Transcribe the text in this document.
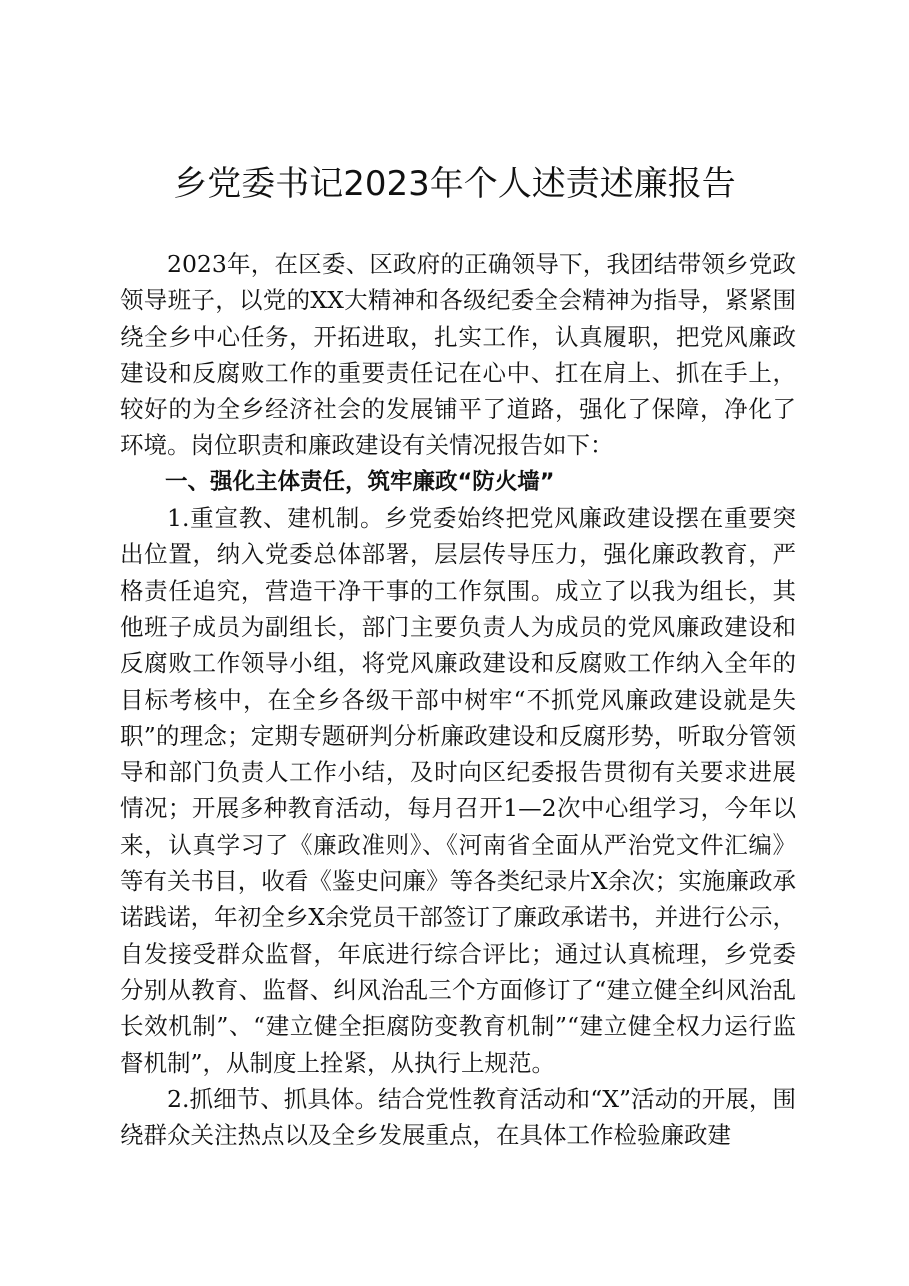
乡党委书记2023年个人述责述廉报告

2023年，在区委、区政府的正确领导下，我团结带领乡党政领导班子，以党的XX大精神和各级纪委全会精神为指导，紧紧围绕全乡中心任务，开拓进取，扎实工作，认真履职，把党风廉政建设和反腐败工作的重要责任记在心中、扛在肩上、抓在手上，较好的为全乡经济社会的发展铺平了道路，强化了保障，净化了环境。岗位职责和廉政建设有关情况报告如下：

一、强化主体责任，筑牢廉政“防火墙”

1.重宣教、建机制。乡党委始终把党风廉政建设摆在重要突出位置，纳入党委总体部署，层层传导压力，强化廉政教育，严格责任追究，营造干净干事的工作氛围。成立了以我为组长，其他班子成员为副组长，部门主要负责人为成员的党风廉政建设和反腐败工作领导小组，将党风廉政建设和反腐败工作纳入全年的目标考核中，在全乡各级干部中树牢“不抓党风廉政建设就是失职”的理念；定期专题研判分析廉政建设和反腐形势，听取分管领导和部门负责人工作小结，及时向区纪委报告贯彻有关要求进展情况；开展多种教育活动，每月召开1—2次中心组学习，今年以来，认真学习了《廉政准则》、《河南省全面从严治党文件汇编》等有关书目，收看《鉴史问廉》等各类纪录片X余次；实施廉政承诺践诺，年初全乡X余党员干部签订了廉政承诺书，并进行公示，自发接受群众监督，年底进行综合评比；通过认真梳理，乡党委分别从教育、监督、纠风治乱三个方面修订了“建立健全纠风治乱长效机制”、“建立健全拒腐防变教育机制”“建立健全权力运行监督机制”，从制度上拴紧，从执行上规范。

2.抓细节、抓具体。结合党性教育活动和“X”活动的开展，围绕群众关注热点以及全乡发展重点，在具体工作检验廉政建
